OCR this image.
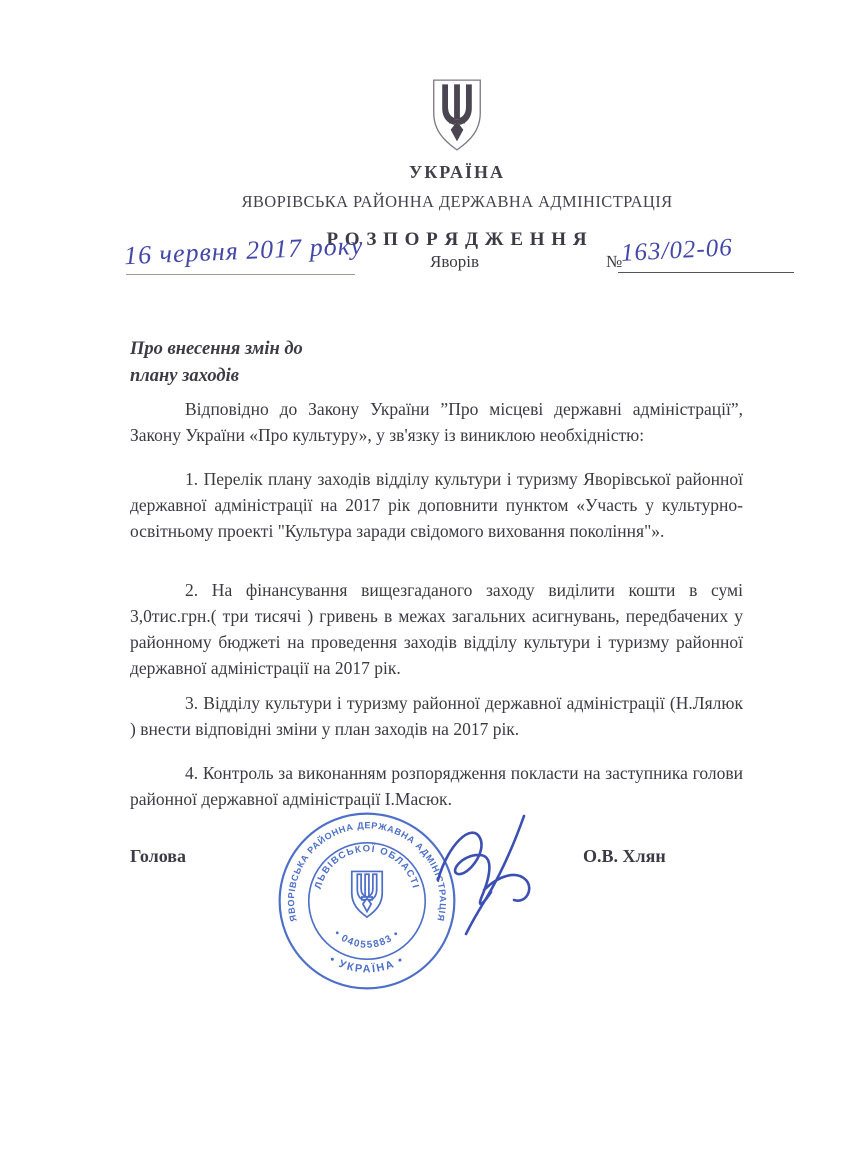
УКРАЇНА
ЯВОРІВСЬКА РАЙОННА ДЕРЖАВНА АДМІНІСТРАЦІЯ
Р О З П О Р Я Д Ж Е Н Н Я
16 червня 2017 року	Яворів	№
163/02-06
Про внесення змін до
плану заходів
Відповідно до Закону України ”Про місцеві державні адміністрації”, Закону України «Про культуру», у зв'язку із виниклою необхідністю:
1. Перелік плану заходів відділу культури і туризму Яворівської районної державної адміністрації на 2017 рік доповнити пунктом «Участь у культурно-освітньому проекті "Культура заради свідомого виховання покоління"».
2. На фінансування вищезгаданого заходу виділити кошти в сумі 3,0тис.грн.( три тисячі ) гривень в межах загальних асигнувань, передбачених у районному бюджеті на проведення заходів відділу культури і туризму районної державної адміністрації на 2017 рік.
3. Відділу культури і туризму районної державної адміністрації (Н.Лялюк ) внести відповідні зміни у план заходів на 2017 рік.
4. Контроль за виконанням розпорядження покласти на заступника голови районної державної адміністрації І.Масюк.
Голова	О.В. Хлян
ЯВОРІВСЬКА РАЙОННА ДЕРЖАВНА АДМІНІСТРАЦІЯ
• УКРАЇНА •
ЛЬВІВСЬКОЇ ОБЛАСТІ
• 04055883 •
